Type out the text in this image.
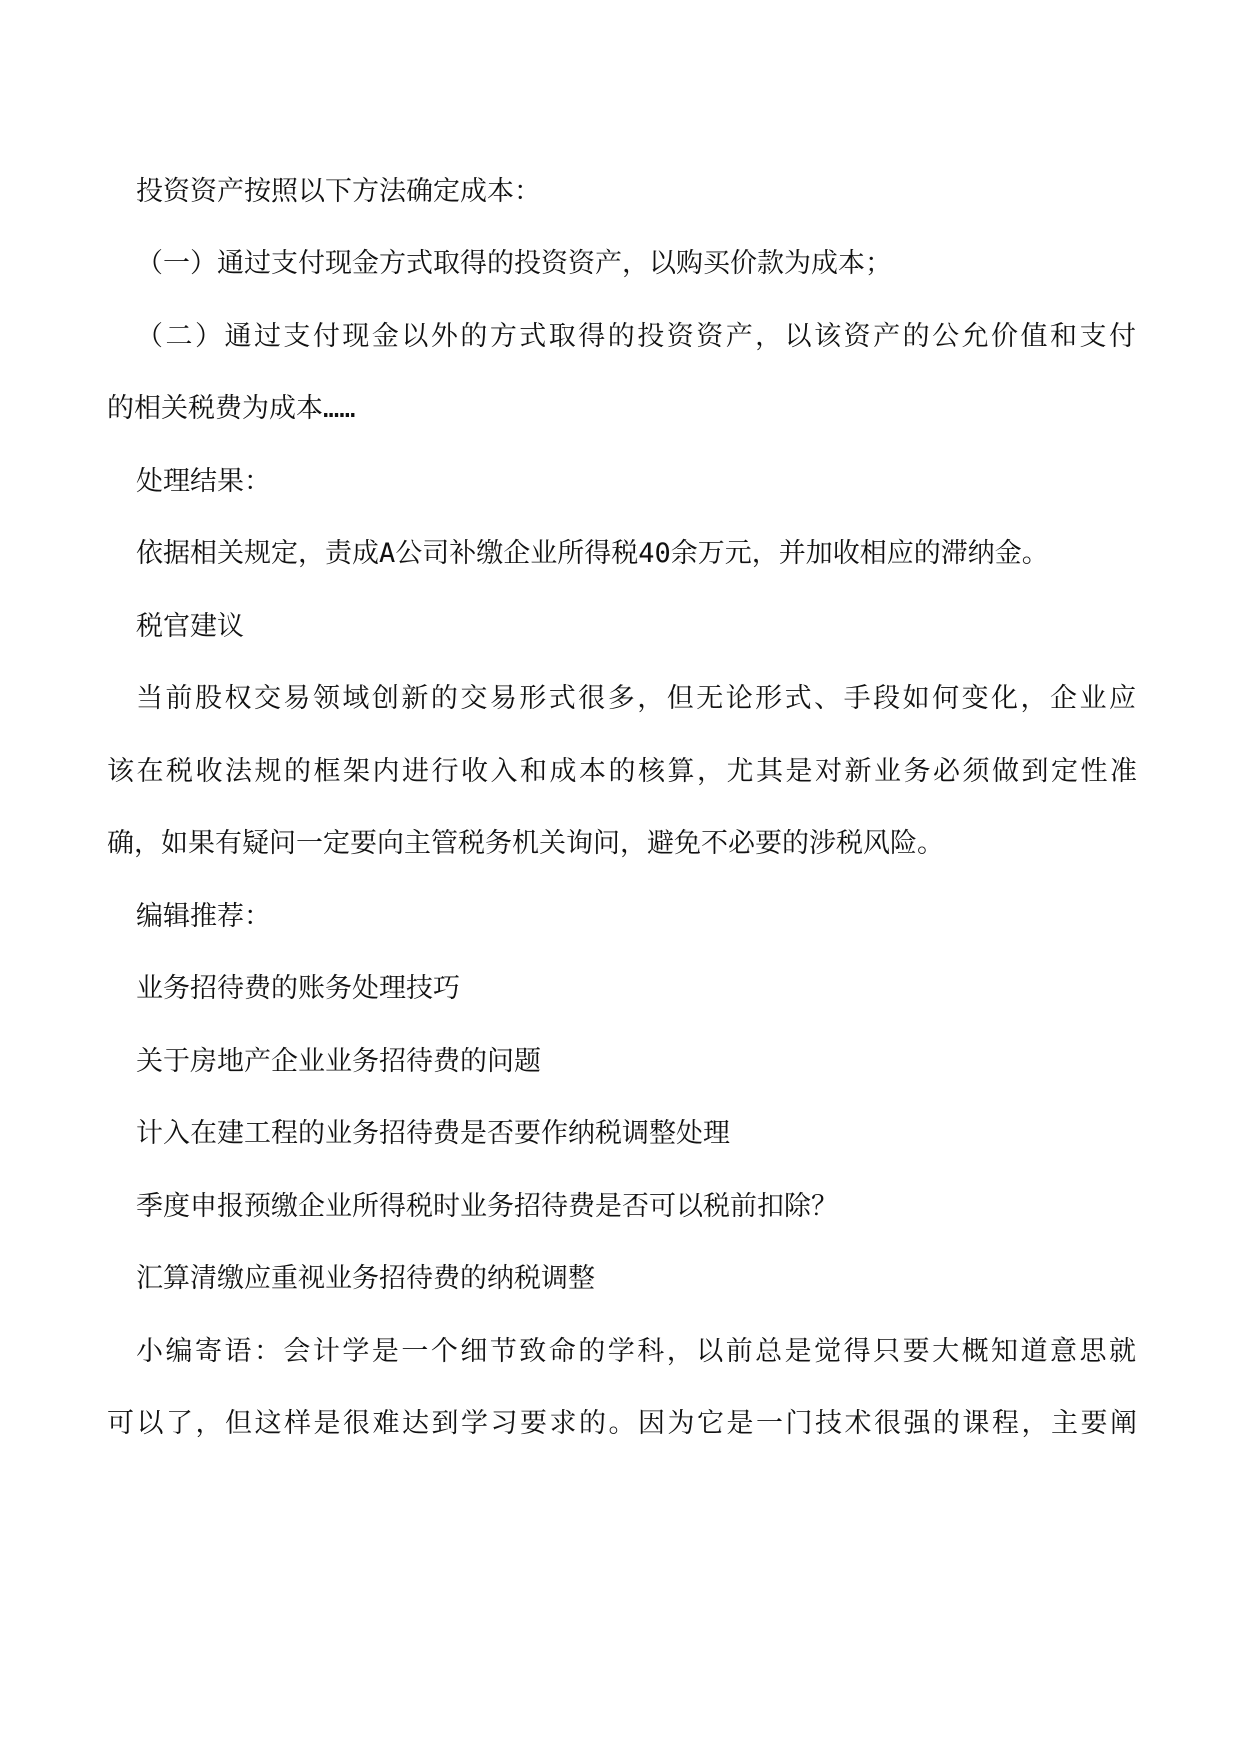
投资资产按照以下方法确定成本：

（一）通过支付现金方式取得的投资资产，以购买价款为成本；

（二）通过支付现金以外的方式取得的投资资产，以该资产的公允价值和支付

的相关税费为成本……

处理结果：

依据相关规定，责成A公司补缴企业所得税40余万元，并加收相应的滞纳金。

税官建议

当前股权交易领域创新的交易形式很多，但无论形式、手段如何变化，企业应

该在税收法规的框架内进行收入和成本的核算，尤其是对新业务必须做到定性准

确，如果有疑问一定要向主管税务机关询问，避免不必要的涉税风险。

编辑推荐：

业务招待费的账务处理技巧

关于房地产企业业务招待费的问题

计入在建工程的业务招待费是否要作纳税调整处理

季度申报预缴企业所得税时业务招待费是否可以税前扣除？

汇算清缴应重视业务招待费的纳税调整

小编寄语：会计学是一个细节致命的学科，以前总是觉得只要大概知道意思就

可以了，但这样是很难达到学习要求的。因为它是一门技术很强的课程，主要阐
